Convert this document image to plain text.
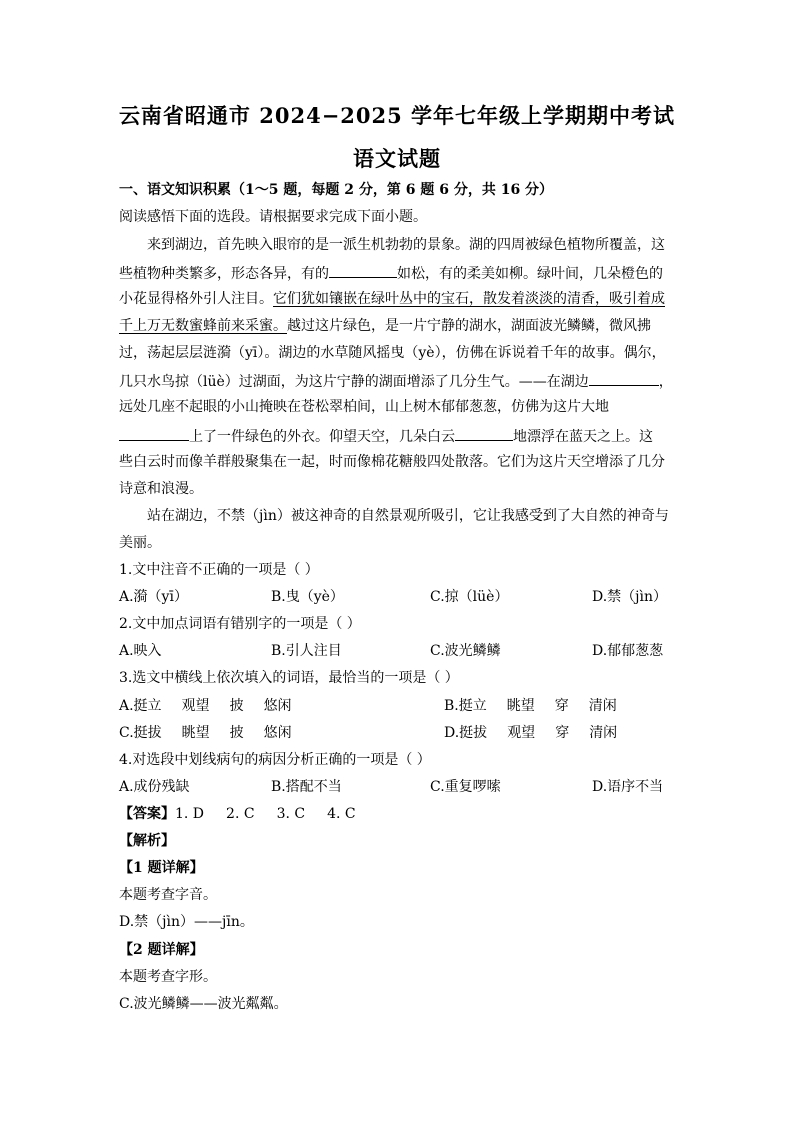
云南省昭通市 2024−2025 学年七年级上学期期中考试
语文试题
一、语文知识积累（1～5 题，每题 2 分，第 6 题 6 分，共 16 分）
阅读感悟下面的选段。请根据要求完成下面小题。
来到湖边，首先映入眼帘的是一派生机勃勃的景象。湖的四周被绿色植物所覆盖，这
些植物种类繁多，形态各异，有的	如松，有的柔美如柳。绿叶间，几朵橙色的
小花显得格外引人注目。它们犹如镶嵌在绿叶丛中的宝石，散发着淡淡的清香，吸引着成
千上万无数蜜蜂前来采蜜。越过这片绿色，是一片宁静的湖水，湖面波光鳞鳞，微风拂
过，荡起层层涟漪（yī）。湖边的水草随风摇曳（yè），仿佛在诉说着千年的故事。偶尔，
几只水鸟掠（lüè）过湖面，为这片宁静的湖面增添了几分生气。——在湖边	，
远处几座不起眼的小山掩映在苍松翠柏间，山上树木郁郁葱葱，仿佛为这片大地
上了一件绿色的外衣。仰望天空，几朵白云	地漂浮在蓝天之上。这
些白云时而像羊群般聚集在一起，时而像棉花糖般四处散落。它们为这片天空增添了几分
诗意和浪漫。
站在湖边，不禁（jìn）被这神奇的自然景观所吸引，它让我感受到了大自然的神奇与
美丽。
1.文中注音不正确的一项是（ ）
A.漪（yī）	B.曳（yè）	C.掠（lüè）	D.禁（jìn）
2.文中加点词语有错别字的一项是（ ）
A.映入	B.引人注目	C.波光鳞鳞	D.郁郁葱葱
3.选文中横线上依次填入的词语，最恰当的一项是（ ）
A.挺立 观望 披 悠闲	B.挺立 眺望 穿 清闲
C.挺拔 眺望 披 悠闲	D.挺拔 观望 穿 清闲
4.对选段中划线病句的病因分析正确的一项是（ ）
A.成份残缺	B.搭配不当	C.重复啰嗦	D.语序不当
【答案】1. D 2. C 3. C 4. C
【解析】
【1 题详解】
本题考查字音。
D.禁（jìn）——jīn。
【2 题详解】
本题考查字形。
C.波光鳞鳞——波光粼粼。
